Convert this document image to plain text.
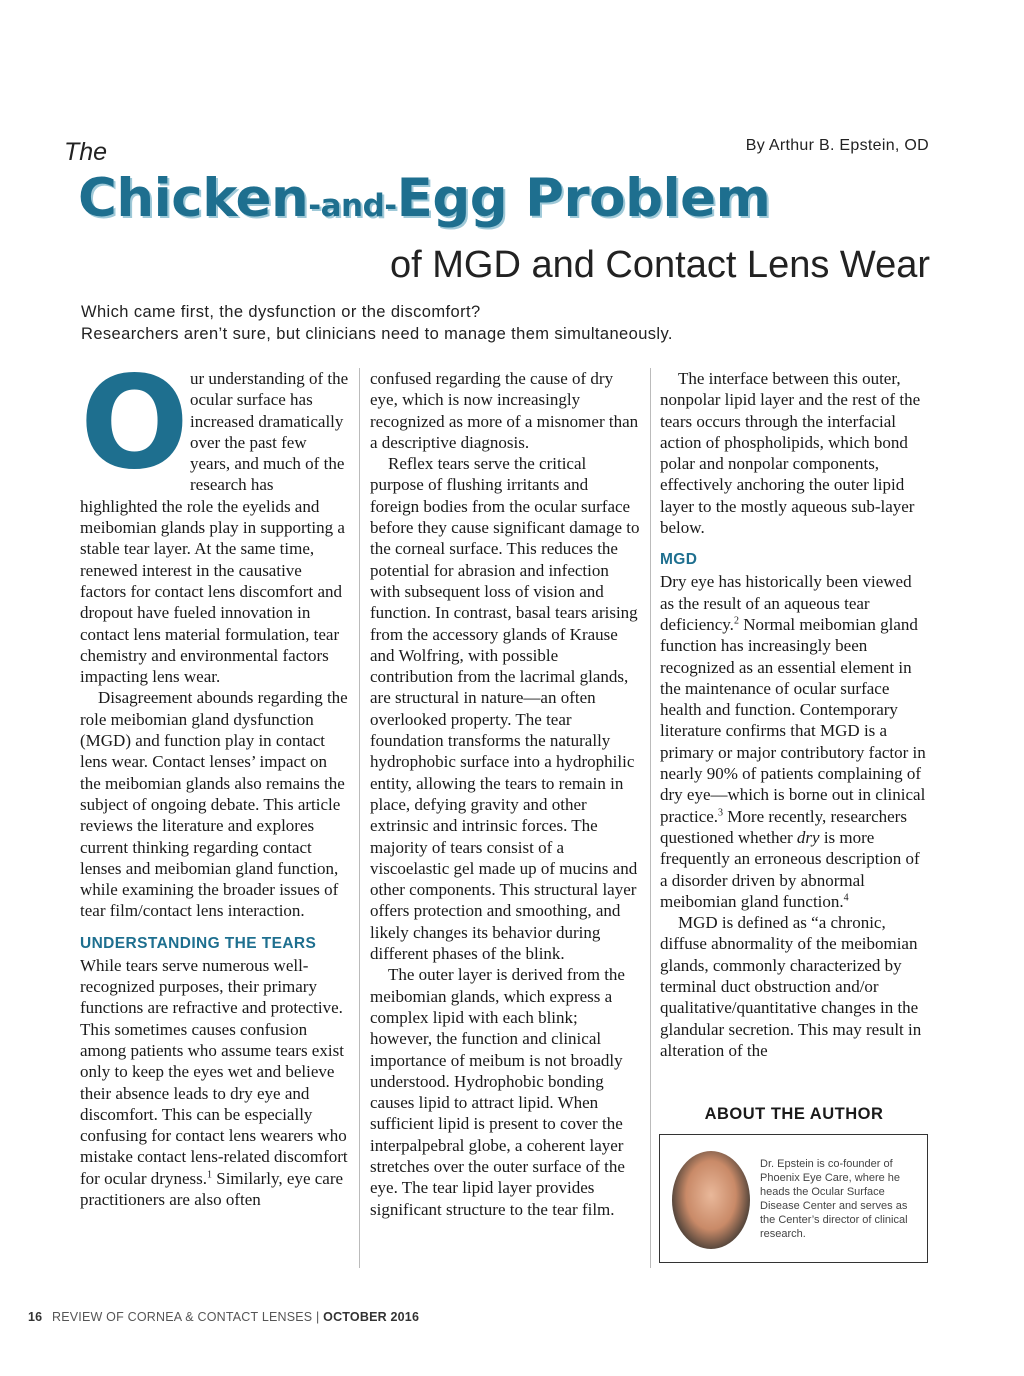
By Arthur B. Epstein, OD
The
Chicken-and-Egg Problem
of MGD and Contact Lens Wear
Which came first, the dysfunction or the discomfort?
Researchers aren’t sure, but clinicians need to manage them simultaneously.
O ur understanding of the ocular surface has increased dramatically over the past few years, and much of the research has highlighted the role the eyelids and meibomian glands play in supporting a stable tear layer. At the same time, renewed interest in the causative factors for contact lens discomfort and dropout have fueled innovation in contact lens material formulation, tear chemistry and environmental factors impacting lens wear.

Disagreement abounds regarding the role meibomian gland dysfunction (MGD) and function play in contact lens wear. Contact lenses’ impact on the meibomian glands also remains the subject of ongoing debate. This article reviews the literature and explores current thinking regarding contact lenses and meibomian gland function, while examining the broader issues of tear film/contact lens interaction.

UNDERSTANDING THE TEARS

While tears serve numerous well-recognized purposes, their primary functions are refractive and protective. This sometimes causes confusion among patients who assume tears exist only to keep the eyes wet and believe their absence leads to dry eye and discomfort. This can be especially confusing for contact lens wearers who mistake contact lens-related discomfort for ocular dryness.$^1$ Similarly, eye care practitioners are also often

confused regarding the cause of dry eye, which is now increasingly recognized as more of a misnomer than a descriptive diagnosis.

Reflex tears serve the critical purpose of flushing irritants and foreign bodies from the ocular surface before they cause significant damage to the corneal surface. This reduces the potential for abrasion and infection with subsequent loss of vision and function. In contrast, basal tears arising from the accessory glands of Krause and Wolfring, with possible contribution from the lacrimal glands, are structural in nature—an often overlooked property. The tear foundation transforms the naturally hydrophobic surface into a hydrophilic entity, allowing the tears to remain in place, defying gravity and other extrinsic and intrinsic forces. The majority of tears consist of a viscoelastic gel made up of mucins and other components. This structural layer offers protection and smoothing, and likely changes its behavior during different phases of the blink.

The outer layer is derived from the meibomian glands, which express a complex lipid with each blink; however, the function and clinical importance of meibum is not broadly understood. Hydrophobic bonding causes lipid to attract lipid. When sufficient lipid is present to cover the interpalpebral globe, a coherent layer stretches over the outer surface of the eye. The tear lipid layer provides significant structure to the tear film.

The interface between this outer, nonpolar lipid layer and the rest of the tears occurs through the interfacial action of phospholipids, which bond polar and nonpolar components, effectively anchoring the outer lipid layer to the mostly aqueous sub-layer below.

MGD

Dry eye has historically been viewed as the result of an aqueous tear deficiency.$^2$ Normal meibomian gland function has increasingly been recognized as an essential element in the maintenance of ocular surface health and function. Contemporary literature confirms that MGD is a primary or major contributory factor in nearly 90% of patients complaining of dry eye—which is borne out in clinical practice.$^3$ More recently, researchers questioned whether dry is more frequently an erroneous description of a disorder driven by abnormal meibomian gland function.$^4$

MGD is defined as “a chronic, diffuse abnormality of the meibomian glands, commonly characterized by terminal duct obstruction and/or qualitative/quantitative changes in the glandular secretion. This may result in alteration of the

ABOUT THE AUTHOR
Dr. Epstein is co-founder of Phoenix Eye Care, where he heads the Ocular Surface Disease Center and serves as the Center’s director of clinical research.
16 REVIEW OF CORNEA & CONTACT LENSES | OCTOBER 2016
